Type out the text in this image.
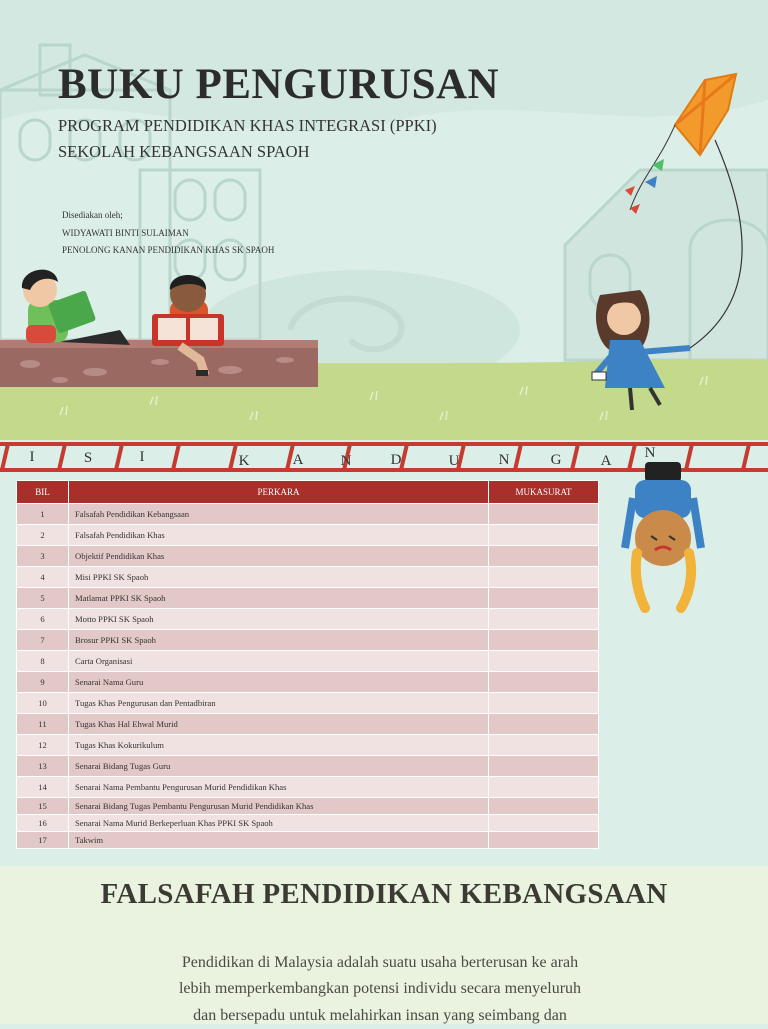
BUKU PENGURUSAN

PROGRAM PENDIDIKAN KHAS INTEGRASI (PPKI)

SEKOLAH KEBANGSAAN SPAOH

Disediakan oleh;
WIDYAWATI BINTI SULAIMAN
PENOLONG KANAN PENDIDIKAN KHAS SK SPAOH
I	S	I	K	A N	D	U	N	G	A N
BIL	PERKARA	MUKASURAT
1	Falsafah Pendidikan Kebangsaan	
2	Falsafah Pendidikan Khas	
3	Objektif Pendidikan Khas	
4	Misi PPKI SK Spaoh	
5	Matlamat PPKI SK Spaoh	
6	Motto PPKI SK Spaoh	
7	Brosur PPKI SK Spaoh	
8	Carta Organisasi	
9	Senarai Nama Guru	
10	Tugas Khas Pengurusan dan Pentadbiran	
11	Tugas Khas Hal Ehwal Murid	
12	Tugas Khas Kokurikulum	
13	Senarai Bidang Tugas Guru	
14	Senarai Nama Pembantu Pengurusan Murid Pendidikan Khas	
15	Senarai Bidang Tugas Pembantu Pengurusan Murid Pendidikan Khas	
16	Senarai Nama Murid Berkeperluan Khas PPKI SK Spaoh	
17	Takwim	
FALSAFAH PENDIDIKAN KEBANGSAAN
Pendidikan di Malaysia adalah suatu usaha berterusan ke arah
lebih memperkembangkan potensi individu secara menyeluruh
dan bersepadu untuk melahirkan insan yang seimbang dan
